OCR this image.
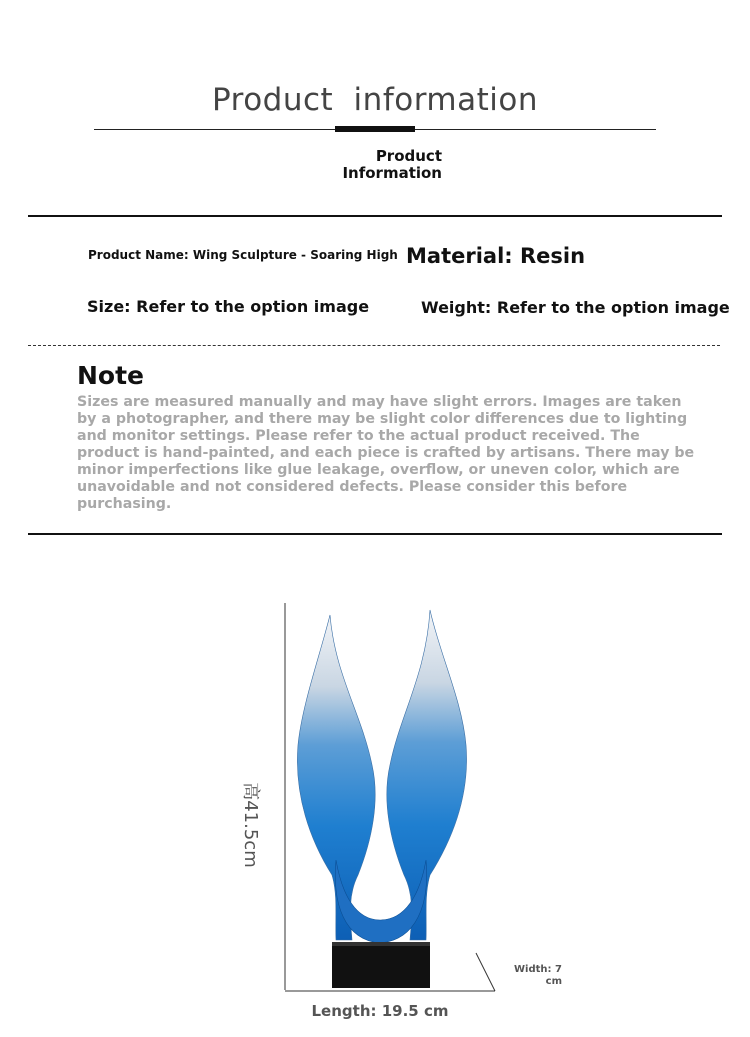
Product information
Product Information
Product Name: Wing Sculpture - Soaring High Material: Resin
Size: Refer to the option image	Weight: Refer to the option image
Note
Sizes are measured manually and may have slight errors. Images are taken by a photographer, and there may be slight color differences due to lighting and monitor settings. Please refer to the actual product received. The product is hand-painted, and each piece is crafted by artisans. There may be minor imperfections like glue leakage, overflow, or uneven color, which are unavoidable and not considered defects. Please consider this before purchasing.
高41.5cm
Length: 19.5 cm
Width: 7 cm
